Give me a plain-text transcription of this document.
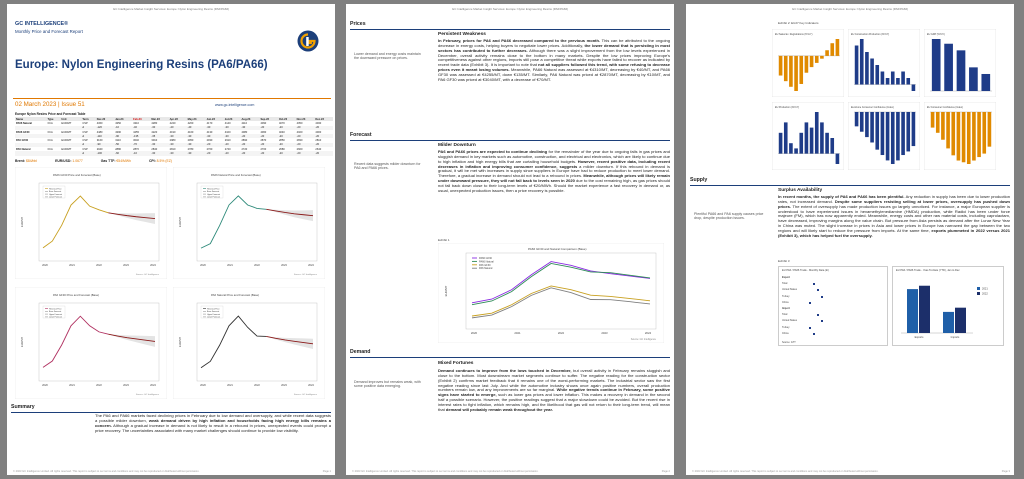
GC Intelligence Market Insight Services: Europe: Nylon Engineering Resins (PA6/PA66)
GC INTELLIGENCE®
Monthly Price and Forecast Report
Europe: Nylon Engineering Resins (PA6/PA66)
02 March 2023 | Issue 51	www.gc-intelligence.com
Europe Nylon Resins Price and Forecast Table
Name	Type	Unit	Term	Dec-22	Jan-23	Feb-23	Mar-23	Apr-23	May-23	Jun-23	Jul-23	Aug-23	Sep-23	Oct-23	Nov-23	Dec-23
PA66 Natural	FCA	EUR/MT	CSP	4360	4350	4310	4280	4240	4200	4170	4140	4110	4090	4070	4050	4030
			Δ	-120	-10	-40	-30	-40	-40	-30	-30	-30	-20	-20	-20	-20
PA66 GF30	FCA	EUR/MT	CSP	4480	4390	4255	4220	4190	4160	4130	4100	4080	4060	4040	4020	4000
			Δ	-110	-90	-135	-35	-30	-30	-30	-30	-20	-20	-20	-20	-20
PA6 GF30	FCA	EUR/MT	CSP	3160	3110	3040	3010	2980	2950	2930	2910	2890	2870	2850	2830	2810
			Δ	-90	-50	-70	-30	-30	-30	-20	-20	-20	-20	-20	-20	-20
PA6 Natural	FCA	EUR/MT	CSP	2940	2880	2870	2840	2810	2780	2760	2740	2720	2700	2680	2660	2640
			Δ	-100	-60	-10	-30	-30	-30	-20	-20	-20	-20	-20	-20	-20
Brent: $84/bbl	EUR/USD: 1.0677	Gas TTF: €54/MWh	CPI: 8.5% (EZ)
PA66 GF30 Price and Forecast (Base)
EUR/MT
2020	2021	2022	2023	2024
Source: GC Intelligence
Historical Price
Base Forecast
Upper Forecast
Lower Forecast
PA66 Natural Price and Forecast (Base)
EUR/MT
2020	2021	2022	2023	2024
Source: GC Intelligence
Historical Price
Base Forecast
Upper Forecast
Lower Forecast
PA6 GF30 Price and Forecast (Base)
EUR/MT
2020	2021	2022	2023	2024
Source: GC Intelligence
Historical Price
Base Forecast
Upper Forecast
Lower Forecast
PA6 Natural Price and Forecast (Base)
EUR/MT
2020	2021	2022	2023	2024
Source: GC Intelligence
Historical Price
Base Forecast
Upper Forecast
Lower Forecast
Summary
The PA6 and PA66 markets faced declining prices in February due to low demand and oversupply, and while recent data suggests a possible milder downturn, weak demand driven by high inflation and households facing high energy bills remains a concern. Although a gradual increase in demand is not likely to result in a rebound in prices, unexpected events could prompt a price recovery. The uncertainties associated with many market challenges should continue to provide low visibility.
© 2023 GC Intelligence Limited. All rights reserved. This report is subject to our terms and conditions and may not be reproduced or distributed without permission.	Page 1
GC Intelligence Market Insight Services: Europe: Nylon Engineering Resins (PA6/PA66)
Prices
Lower demand and energy costs maintain the downward pressure on prices.
Persistent Weakness
In February, prices for PA6 and PA66 decreased compared to the previous month. This can be attributed to the ongoing decrease in energy costs, helping buyers to negotiate lower prices. Additionally, the lower demand that is persisting in most sectors has contributed to further decreases. Although there was a slight improvement from the low levels experienced in December, overall activity remains close to the bottom in many markets. Despite the low prices improving Europe's competitiveness against other regions, imports still pose a competitive threat while exports have failed to recover as indicated by recent trade data (Exhibit 3). It is important to note that not all suppliers followed this trend, with some refusing to decrease prices even it meant losing volumes. Meanwhile, PA66 Natural was assessed at €4310/MT, decreasing by €40/MT, and PA66 GF30 was assessed at €4255/MT, down €135/MT. Similarly, PA6 Natural was priced at €2870/MT, decreasing by €10/MT, and PA6 GF30 was priced at €3040/MT, with a decrease of €70/MT.
Forecast
Recent data suggests milder downturn for PA6 and PA66 prices.
Milder Downturn
PA6 and PA66 prices are expected to continue declining for the remainder of the year due to ongoing falls in gas prices and sluggish demand in key markets such as automotive, construction, and electrical and electronics, which are likely to continue due to high inflation and high energy bills that are curtailing household budgets. However, recent positive data, including recent decreases in inflation and improving consumer confidence, suggests a milder downturn. If this rebound in demand is gradual, it will be met with increases in supply since suppliers in Europe have had to reduce production to meet lower demand. Therefore, a gradual increase in demand should not lead to a rebound in prices. Meanwhile, although prices will likely remain under downward pressure, they will not fall back to levels seen in 2020 due to the cost remaining high, as gas prices should not fall back down close to their long-term levels of €20/MWh. Should the market experience a fast recovery in demand or, as usual, unexpected production issues, then a price recovery is possible.
Exhibit 1
PA66 GF30 and Natural Comparison (Base)
EUR/MT
2020	2021	2022	2023	2024
Source: GC Intelligence
PA66 GF30
PA66 Natural
PA6 GF30
PA6 Natural
Demand
Demand improves but remains weak, with some positive data emerging.
Mixed Fortunes
Demand continues to improve from the lows touched in December, but overall activity in February remains sluggish and close to the bottom. Most downstream market segments continue to suffer. The negative reading for the construction sector (Exhibit 2) confirms market feedback that it remains one of the worst-performing markets. The industrial sector saw the first negative reading since last July. And while the automotive industry shows once again positive numbers, overall production numbers remain low, and any improvements are so far marginal. While negative trends continue in February, some positive signs have started to emerge, such as lower gas prices and lower inflation. This makes a recovery in demand in the second half a possible scenario. However, the positive readings suggest that a major slowdown could be avoided. But the recent rise in interest rates to fight inflation, which remains high, and the likelihood that gas will not return to their long-term trend, will mean that demand will probably remain weak throughout the year.
© 2023 GC Intelligence Limited. All rights reserved. This report is subject to our terms and conditions and may not be reproduced or distributed without permission.	Page 2
GC Intelligence Market Insight Services: Europe: Nylon Engineering Resins (PA6/PA66)
Exhibit 2: EU27 Key Indicators
EU Sales Ex. Registrations (%YoY)	EU Construction Production (%YoY)	EU GDP (%YoY)
EU Production (%YoY)	Eurozone Consumer Confidence (Index)	EU Consumer Confidence (Index)
Supply
Plentiful PA66 and PA6 supply causes price drop, despite production issues.
Surplus Availability
In recent months, the supply of PA6 and PA66 has been plentiful. Any reduction in supply has been due to lower production rates, not increased demand. Despite some suppliers resisting selling at lower prices, oversupply has pushed down prices. The extent of oversupply has made production issues go largely unnoticed. For instance, a major European supplier is understood to have experienced issues in hexamethylenediamine (HMDA) production, while Radici has been under force majeure (FM), which has now apparently ended. Meanwhile, energy costs and other raw material costs, including caprolactam, have decreased, improving margins along the value chain. But pressure from Asia persists as demand after the Lunar New Year in China was muted. The slight increase in prices in Asia and lower prices in Europe has narrowed the gap between the two regions and will likely start to reduce the pressure from imports. At the same time, exports plummeted in 2022 versus 2021 (Exhibit 3), which has helped fuel the oversupply.
Exhibit 3
EU PA6 / PA66 Trade - Monthly Data (kt)
Export
Total
United States
Turkey
China
Import
Total
United States
Turkey
China
Source: GTT
EU PA6 / PA66 Trade - Year-To-Date (YTD), Jan to Dec
Exports	Imports
2021
2022
© 2023 GC Intelligence Limited. All rights reserved. This report is subject to our terms and conditions and may not be reproduced or distributed without permission.	Page 3
